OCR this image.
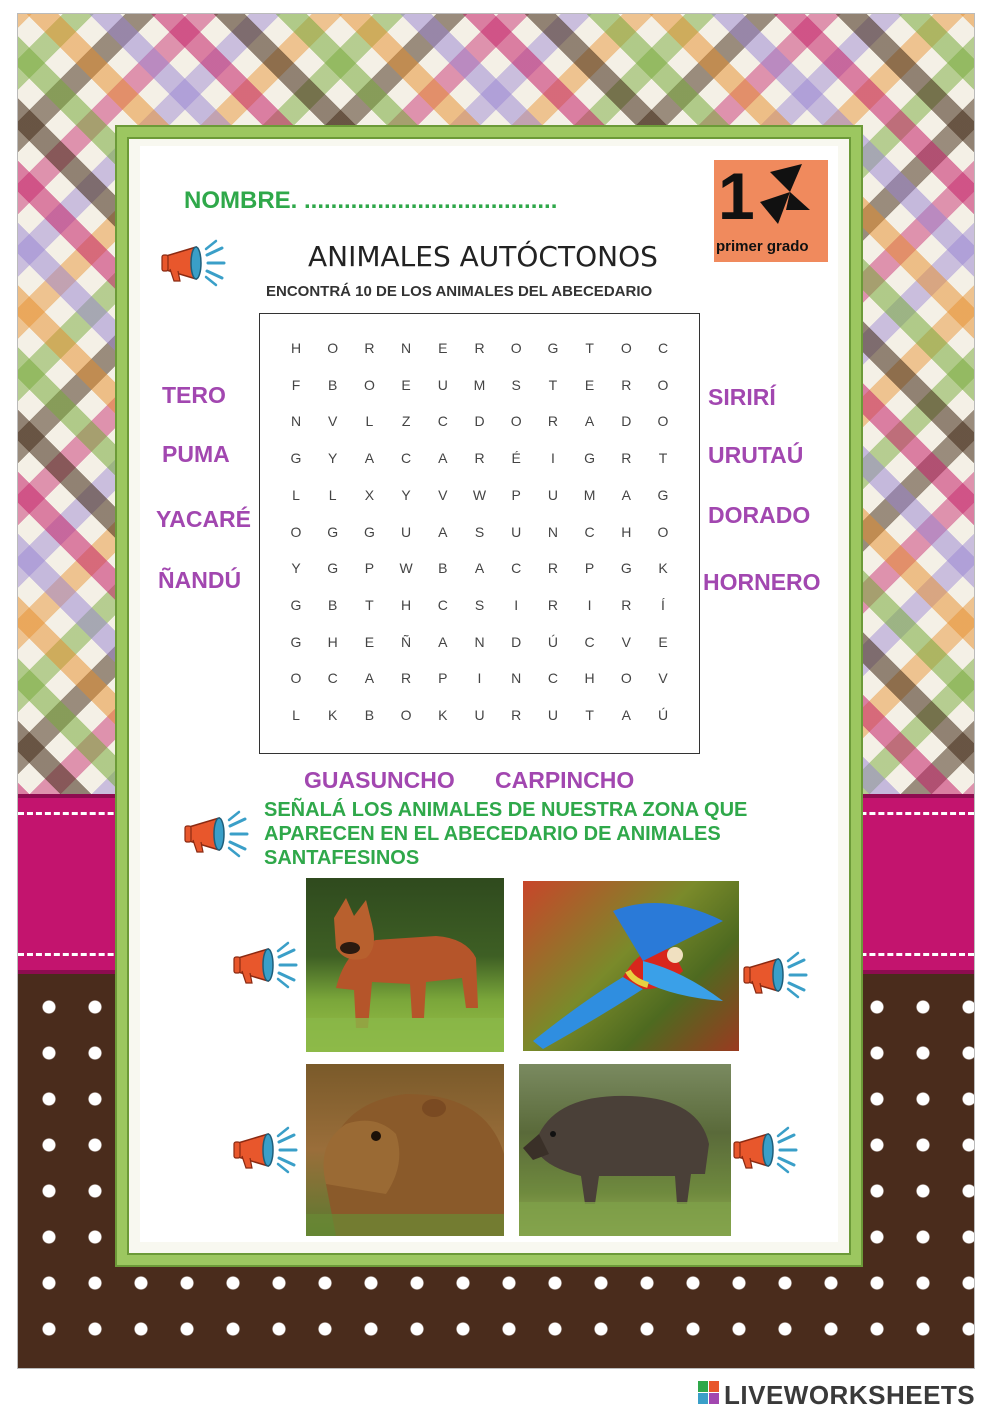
NOMBRE. ...................................... 1
primer grado
ANIMALES AUTÓCTONOS
ENCONTRÁ 10 DE LOS ANIMALES DEL ABECEDARIO
H	O	R	N	E	R	O	G	T	O	C
F	B	O	E	U	M	S	T	E	R	O
N	V	L	Z	C	D	O	R	A	D	O
G	Y	A	C	A	R	É	I	G	R	T
L	L	X	Y	V	W	P	U	M	A	G
O	G	G	U	A	S	U	N	C	H	O
Y	G	P	W	B	A	C	R	P	G	K
G	B	T	H	C	S	I	R	I	R	Í
G	H	E	Ñ	A	N	D	Ú	C	V	E
O	C	A	R	P	I	N	C	H	O	V
L	K	B	O	K	U	R	U	T	A	Ú
TERO
PUMA
YACARÉ
ÑANDÚ
SIRIRÍ
URUTAÚ
DORADO
HORNERO
GUASUNCHO CARPINCHO
SEÑALÁ LOS ANIMALES DE NUESTRA ZONA QUE
APARECEN EN EL ABECEDARIO DE ANIMALES
SANTAFESINOS
LIVEWORKSHEETS
